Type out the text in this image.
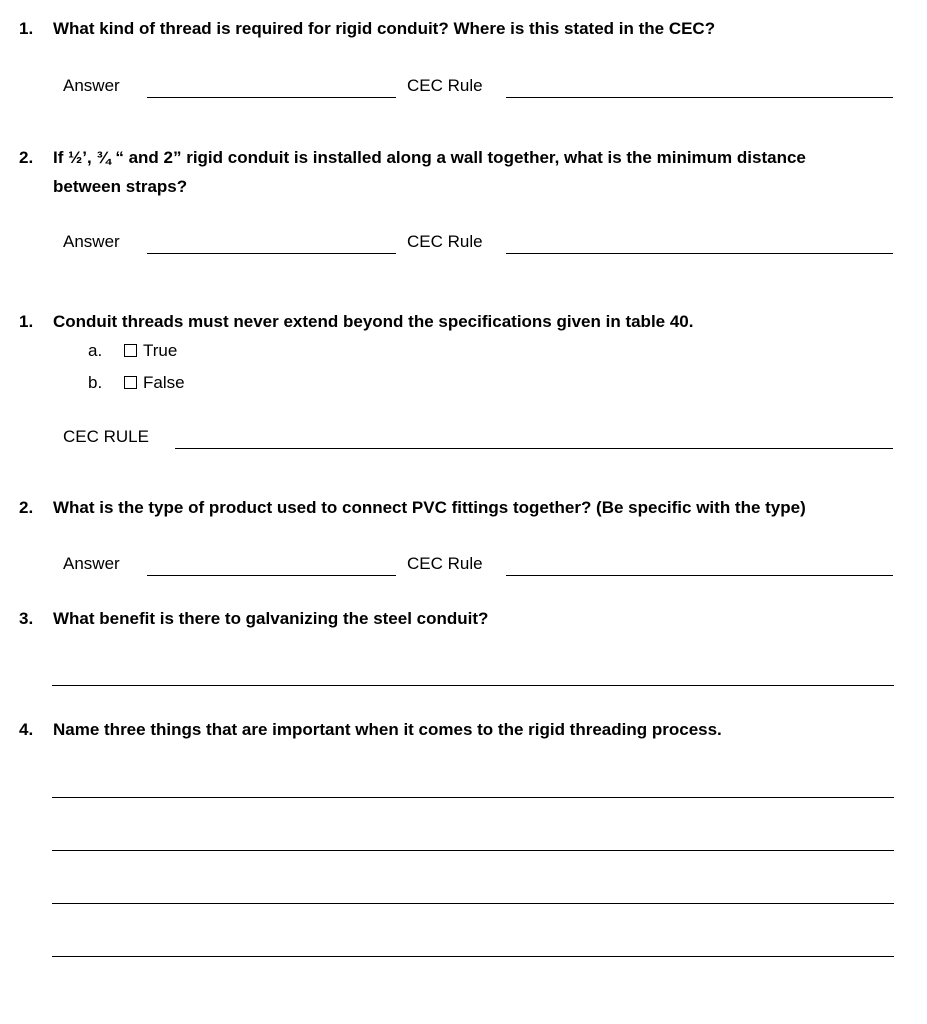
1. What kind of thread is required for rigid conduit? Where is this stated in the CEC?
Answer	CEC Rule
2. If ½’, ¾ “ and 2” rigid conduit is installed along a wall together, what is the minimum distance
between straps?
Answer	CEC Rule
1. Conduit threads must never extend beyond the specifications given in table 40.
a.	True
b.	False
CEC RULE
2. What is the type of product used to connect PVC fittings together? (Be specific with the type)
Answer	CEC Rule
3. What benefit is there to galvanizing the steel conduit?
4. Name three things that are important when it comes to the rigid threading process.
